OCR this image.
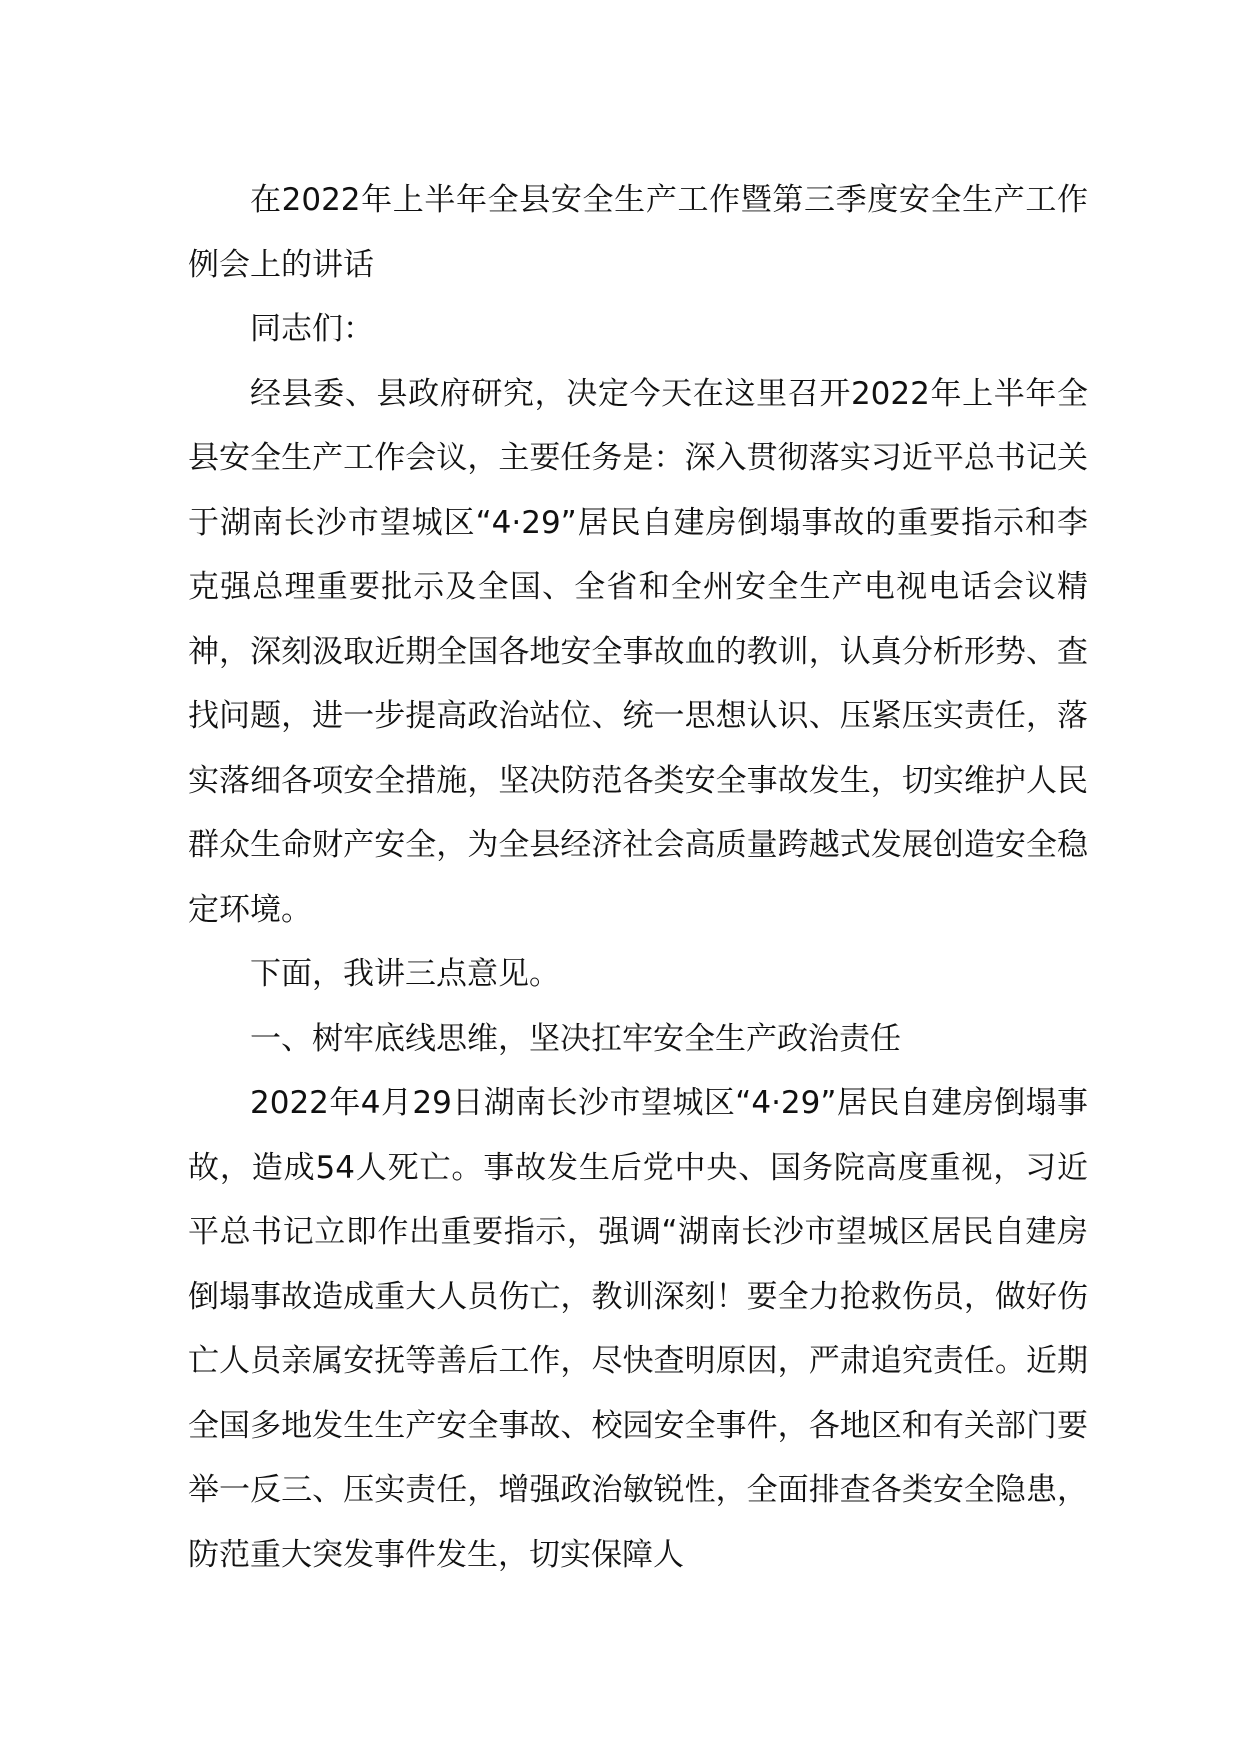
在2022年上半年全县安全生产工作暨第三季度安全生产工作例会上的讲话

同志们：

经县委、县政府研究，决定今天在这里召开2022年上半年全县安全生产工作会议，主要任务是：深入贯彻落实习近平总书记关于湖南长沙市望城区“4·29”居民自建房倒塌事故的重要指示和李克强总理重要批示及全国、全省和全州安全生产电视电话会议精神，深刻汲取近期全国各地安全事故血的教训，认真分析形势、查找问题，进一步提高政治站位、统一思想认识、压紧压实责任，落实落细各项安全措施，坚决防范各类安全事故发生，切实维护人民群众生命财产安全，为全县经济社会高质量跨越式发展创造安全稳定环境。

下面，我讲三点意见。

一、树牢底线思维，坚决扛牢安全生产政治责任

2022年4月29日湖南长沙市望城区“4·29”居民自建房倒塌事故，造成54人死亡。事故发生后党中央、国务院高度重视，习近平总书记立即作出重要指示，强调“湖南长沙市望城区居民自建房倒塌事故造成重大人员伤亡，教训深刻！要全力抢救伤员，做好伤亡人员亲属安抚等善后工作，尽快查明原因，严肃追究责任。近期全国多地发生生产安全事故、校园安全事件，各地区和有关部门要举一反三、压实责任，增强政治敏锐性，全面排查各类安全隐患，防范重大突发事件发生，切实保障人
